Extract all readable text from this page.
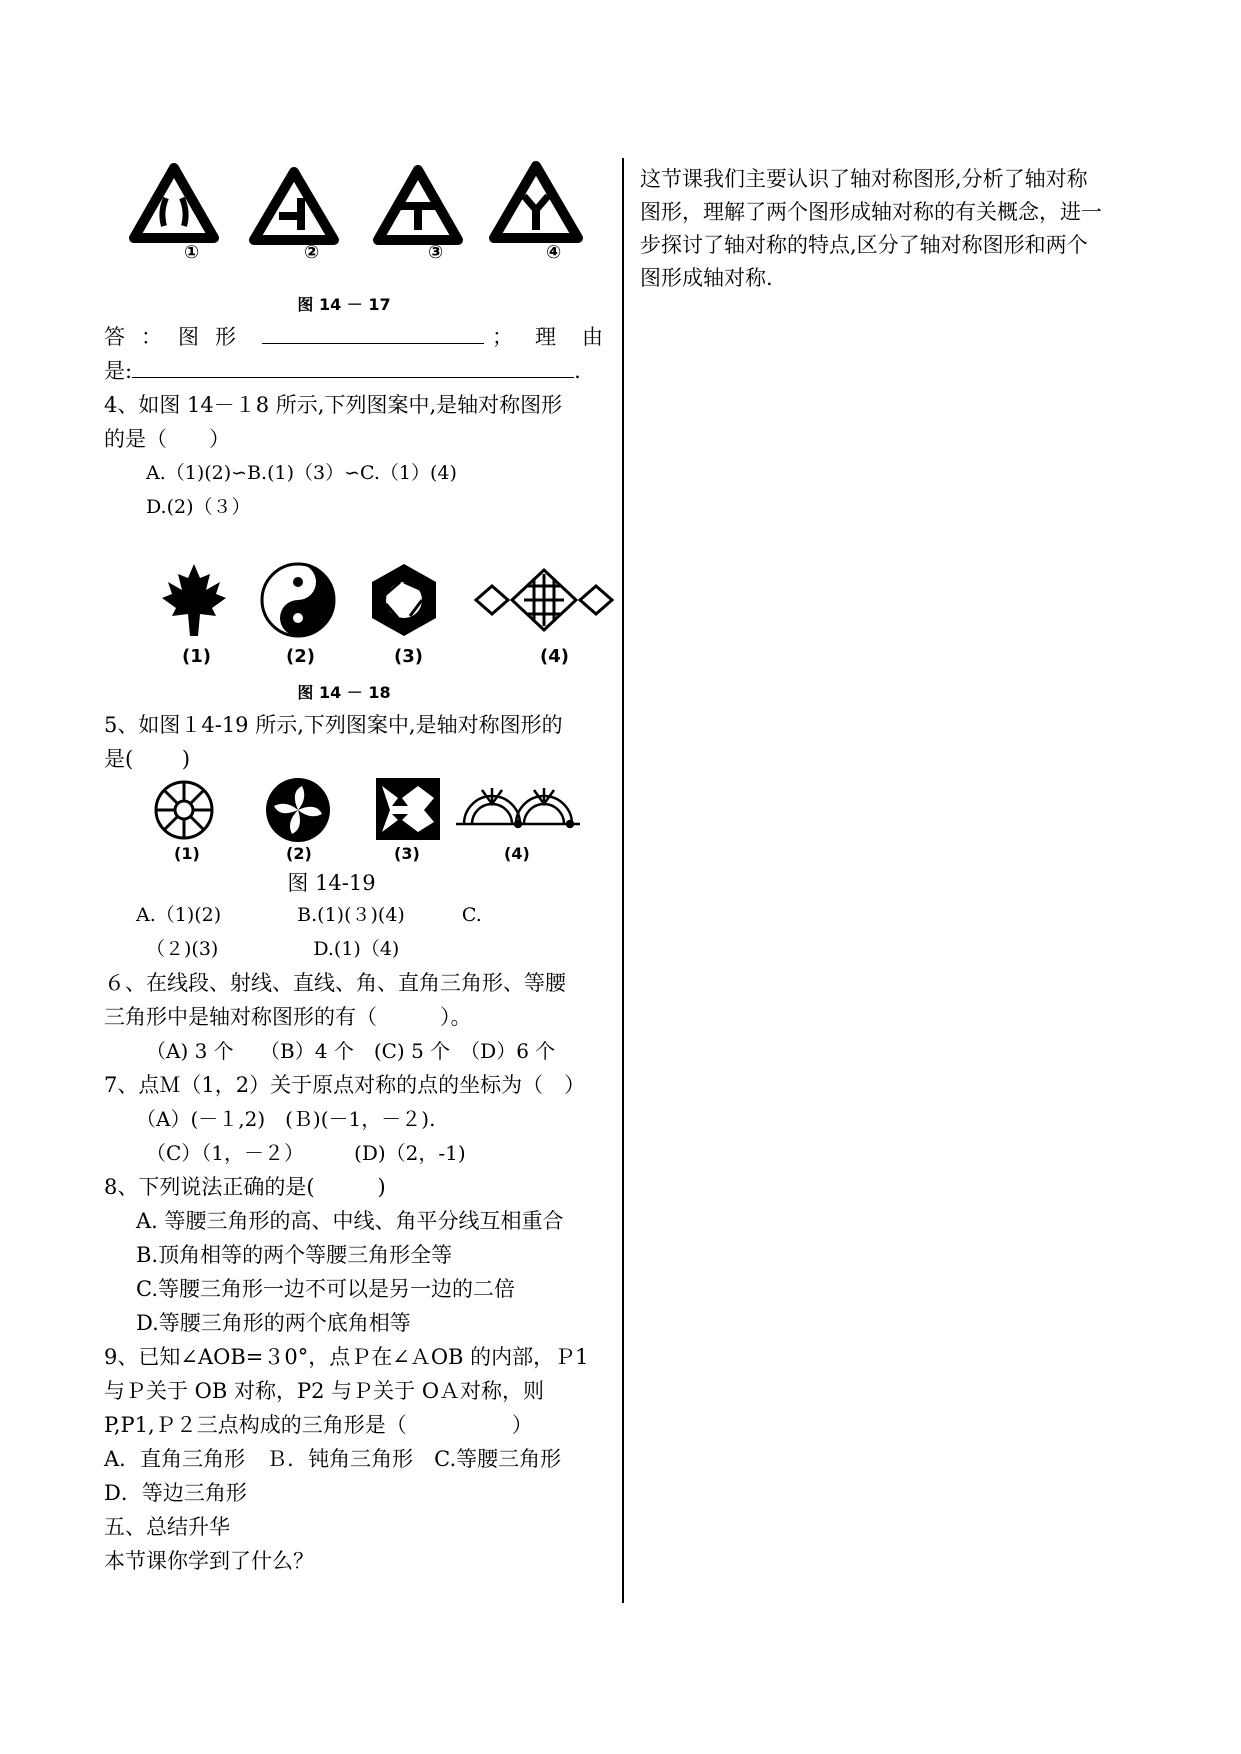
①	②	③	④
图 14 － 17
答 ： 图 形	； 理 由
是:	.
4、如图 14－１8 所示,下列图案中,是轴对称图形
的是（　　）
A.（1)(2)∽B.(1)（3）∽C.（1）(4)
D.(2)（３）
(1)	(2)	(3)	(4)
图 14 － 18
5、如图１4-19 所示,下列图案中,是轴对称图形的
是(　　 )
(1)	(2)	(3)	(4)
图 14-19
A.（1)(2)　　　　B.(1)(３)(4)　　　C.
（２)(3)　　　　　D.(1)（4)
６、在线段、射线、直线、角、直角三角形、等腰
三角形中是轴对称图形的有（　　　）。
（A) 3 个　 （B）4 个　(C) 5 个　（D）6 个
7、点Ｍ（1，2）关于原点对称的点的坐标为（　）
（A）(－１,2)　(Ｂ)(－1，－２).
（C）（1，－２）　　　(D)（2，-1)
8、下列说法正确的是(　　　)
A. 等腰三角形的高、中线、角平分线互相重合
B.顶角相等的两个等腰三角形全等
C.等腰三角形一边不可以是另一边的二倍
D.等腰三角形的两个底角相等
9、已知∠AOB=３0°，点Ｐ在∠ＡOB 的内部，Ｐ1
与Ｐ关于 OB 对称，P2 与Ｐ关于 OＡ对称，则
P,P1,Ｐ２三点构成的三角形是（　　　　　）
A．直角三角形　Ｂ．钝角三角形　C.等腰三角形
D．等边三角形
五、总结升华
本节课你学到了什么？
这节课我们主要认识了轴对称图形,分析了轴对称
图形，理解了两个图形成轴对称的有关概念，进一
步探讨了轴对称的特点,区分了轴对称图形和两个
图形成轴对称.
